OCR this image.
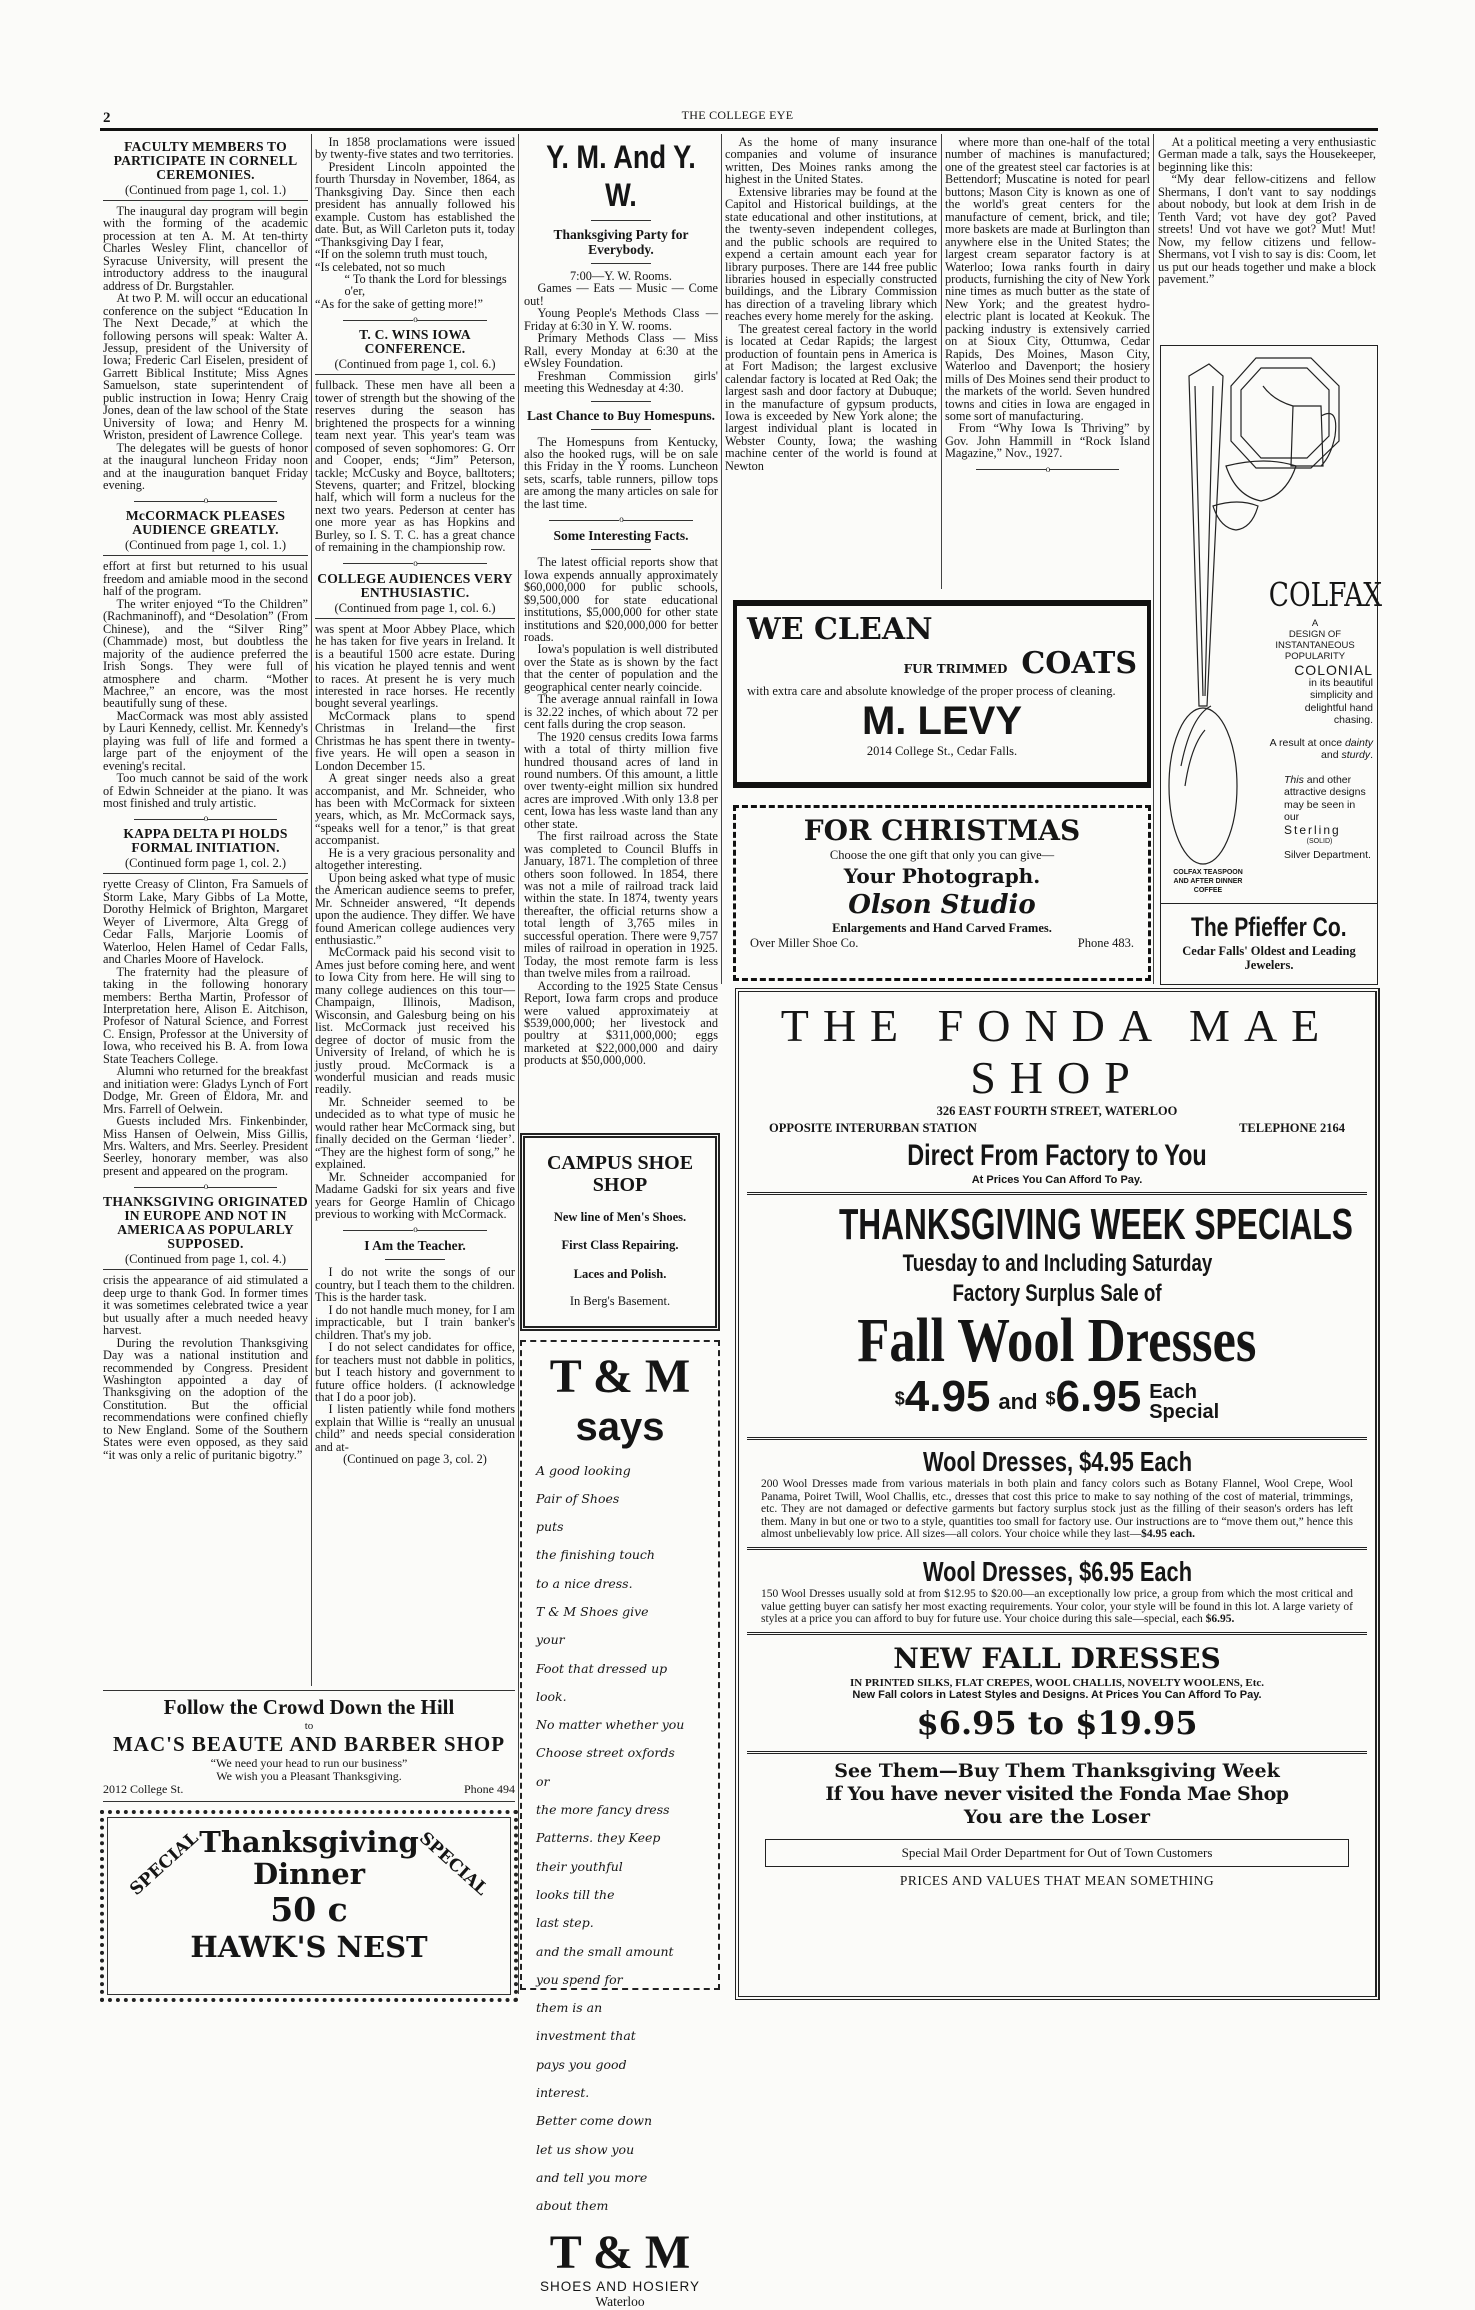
2	THE COLLEGE EYE
FACULTY MEMBERS TO PARTICIPATE IN CORNELL CEREMONIES.
(Continued from page 1, col. 1.)

The inaugural day program will begin with the forming of the academic procession at ten A. M. At ten-thirty Charles Wesley Flint, chancellor of Syracuse University, will present the introductory address to the inaugural address of Dr. Burgstahler.

At two P. M. will occur an educational conference on the subject “Education In The Next Decade,” at which the following persons will speak: Walter A. Jessup, president of the University of Iowa; Frederic Carl Eiselen, president of Garrett Biblical Institute; Miss Agnes Samuelson, state superintendent of public instruction in Iowa; Henry Craig Jones, dean of the law school of the State University of Iowa; and Henry M. Wriston, president of Lawrence College.

The delegates will be guests of honor at the inaugural luncheon Friday noon and at the inauguration banquet Friday evening.

o
McCORMACK PLEASES AUDIENCE GREATLY.
(Continued from page 1, col. 1.)

effort at first but returned to his usual freedom and amiable mood in the second half of the program.

The writer enjoyed “To the Children” (Rachmaninoff), and “Desolation” (From Chinese), and the “Silver Ring” (Chammade) most, but doubtless the majority of the audience preferred the Irish Songs. They were full of atmosphere and charm. “Mother Machree,” an encore, was the most beautifully sung of these.

MacCormack was most ably assisted by Lauri Kennedy, cellist. Mr. Kennedy's playing was full of life and formed a large part of the enjoyment of the evening's recital.

Too much cannot be said of the work of Edwin Schneider at the piano. It was most finished and truly artistic.

o
KAPPA DELTA PI HOLDS FORMAL INITIATION.
(Continued form page 1, col. 2.)

ryette Creasy of Clinton, Fra Samuels of Storm Lake, Mary Gibbs of La Motte, Dorothy Helmick of Brighton, Margaret Weyer of Livermore, Alta Gregg of Cedar Falls, Marjorie Loomis of Waterloo, Helen Hamel of Cedar Falls, and Charles Moore of Havelock.

The fraternity had the pleasure of taking in the following honorary members: Bertha Martin, Professor of Interpretation here, Alison E. Aitchison, Profesor of Natural Science, and Forrest C. Ensign, Professor at the University of Iowa, who received his B. A. from Iowa State Teachers College.

Alumni who returned for the breakfast and initiation were: Gladys Lynch of Fort Dodge, Mr. Green of Eldora, Mr. and Mrs. Farrell of Oelwein.

Guests included Mrs. Finkenbinder, Miss Hansen of Oelwein, Miss Gillis, Mrs. Walters, and Mrs. Seerley. President Seerley, honorary member, was also present and appeared on the program.

o
THANKSGIVING ORIGINATED IN EUROPE AND NOT IN AMERICA AS POPULARLY SUPPOSED.
(Continued from page 1, col. 4.)

crisis the appearance of aid stimulated a deep urge to thank God. In former times it was sometimes celebrated twice a year but usually after a much needed heavy harvest.

During the revolution Thanksgiving Day was a national institution and recommended by Congress. President Washington appointed a day of Thanksgiving on the adoption of the Constitution. But the official recommendations were confined chiefly to New England. Some of the Southern States were even opposed, as they said “it was only a relic of puritanic bigotry.”

In 1858 proclamations were issued by twenty-five states and two territories.

President Lincoln appointed the fourth Thursday in November, 1864, as Thanksgiving Day. Since then each president has annually followed his example. Custom has established the date. But, as Will Carleton puts it, today “Thanksgiving Day I fear,

“If on the solemn truth must touch,

“Is celebated, not so much

“ To thank the Lord for blessings o'er,

“As for the sake of getting more!”

o
T. C. WINS IOWA CONFERENCE.
(Continued from page 1, col. 6.)

fullback. These men have all been a tower of strength but the showing of the reserves during the season has brightened the prospects for a winning team next year. This year's team was composed of seven sophomores: G. Orr and Cooper, ends; “Jim” Peterson, tackle; McCusky and Boyce, balltoters; Stevens, quarter; and Fritzel, blocking half, which will form a nucleus for the next two years. Pederson at center has one more year as has Hopkins and Burley, so I. S. T. C. has a great chance of remaining in the championship row.

o
COLLEGE AUDIENCES VERY ENTHUSIASTIC.
(Continued from page 1, col. 6.)

was spent at Moor Abbey Place, which he has taken for five years in Ireland. It is a beautiful 1500 acre estate. During his vication he played tennis and went to races. At present he is very much interested in race horses. He recently bought several yearlings.

McCormack plans to spend Christmas in Ireland—the first Christmas he has spent there in twenty-five years. He will open a season in London December 15.

A great singer needs also a great accompanist, and Mr. Schneider, who has been with McCormack for sixteen years, which, as Mr. McCormack says, “speaks well for a tenor,” is that great accompanist.

He is a very gracious personality and altogether interesting.

Upon being asked what type of music the American audience seems to prefer, Mr. Schneider answered, “It depends upon the audience. They differ. We have found American college audiences very enthusiastic.”

McCormack paid his second visit to Ames just before coming here, and went to Iowa City from here. He will sing to many college audiences on this tour—Champaign, Illinois, Madison, Wisconsin, and Galesburg being on his list. McCormack just received his degree of doctor of music from the University of Ireland, of which he is justly proud. McCormack is a wonderful musician and reads music readily.

Mr. Schneider seemed to be undecided as to what type of music he would rather hear McCormack sing, but finally decided on the German ‘lieder’. “They are the highest form of song,” he explained.

Mr. Schneider accompanied for Madame Gadski for six years and five years for George Hamlin of Chicago previous to working with McCormack.

o
I Am the Teacher.

I do not write the songs of our country, but I teach them to the children. This is the harder task.

I do not handle much money, for I am impracticable, but I train banker's children. That's my job.

I do not select candidates for office, for teachers must not dabble in politics, but I teach history and government to future office holders. (I acknowledge that I do a poor job).

I listen patiently while fond mothers explain that Willie is “really an unusual child” and needs special consideration and at-

(Continued on page 3, col. 2)
Y. M. And Y. W.
Thanksgiving Party for Everybody.
7:00—Y. W. Rooms.

Games — Eats — Music — Come out!

Young People's Methods Class —Friday at 6:30 in Y. W. rooms.

Primary Methods Class — Miss Rall, every Monday at 6:30 at the eWsley Foundation.

Freshman Commission girls' meeting this Wednesday at 4:30.

Last Chance to Buy Homespuns.

The Homespuns from Kentucky, also the hooked rugs, will be on sale this Friday in the Y rooms. Luncheon sets, scarfs, table runners, pillow tops are among the many articles on sale for the last time.

o
Some Interesting Facts.

The latest official reports show that Iowa expends annually approximately $60,000,000 for public schools, $9,500,000 for state educational institutions, $5,000,000 for other state institutions and $20,000,000 for better roads.

Iowa's population is well distributed over the State as is shown by the fact that the center of population and the geographical center nearly coincide.

The average annual rainfall in Iowa is 32.22 inches, of which about 72 per cent falls during the crop season.

The 1920 census credits Iowa farms with a total of thirty million five hundred thousand acres of land in round numbers. Of this amount, a little over twenty-eight million six hundred acres are improved .With only 13.8 per cent, Iowa has less waste land than any other state.

The first railroad across the State was completed to Council Bluffs in January, 1871. The completion of three others soon followed. In 1854, there was not a mile of railroad track laid within the state. In 1874, twenty years thereafter, the official returns show a total length of 3,765 miles in successful operation. There were 9,757 miles of railroad in operation in 1925. Today, the most remote farm is less than twelve miles from a railroad.

According to the 1925 State Census Report, Iowa farm crops and produce were valued approximateiy at $539,000,000; her livestock and poultry at $311,000,000; eggs marketed at $22,000,000 and dairy products at $50,000,000.

As the home of many insurance companies and volume of insurance written, Des Moines ranks among the highest in the United States.

Extensive libraries may be found at the Capitol and Historical buildings, at the state educational and other institutions, at the twenty-seven independent colleges, and the public schools are required to expend a certain amount each year for library purposes. There are 144 free public libraries housed in especially constructed buildings, and the Library Commission has direction of a traveling library which reaches every home merely for the asking.

The greatest cereal factory in the world is located at Cedar Rapids; the largest production of fountain pens in America is at Fort Madison; the largest exclusive calendar factory is located at Red Oak; the largest sash and door factory at Dubuque; in the manufacture of gypsum products, Iowa is exceeded by New York alone; the largest individual plant is located in Webster County, Iowa; the washing machine center of the world is found at Newton

where more than one-half of the total number of machines is manufactured; one of the greatest steel car factories is at Bettendorf; Muscatine is noted for pearl buttons; Mason City is known as one of the world's great centers for the manufacture of cement, brick, and tile; more baskets are made at Burlington than anywhere else in the United States; the largest cream separator factory is at Waterloo; Iowa ranks fourth in dairy products, furnishing the city of New York nine times as much butter as the state of New York; and the greatest hydro-electric plant is located at Keokuk. The packing industry is extensively carried on at Sioux City, Ottumwa, Cedar Rapids, Des Moines, Mason City, Waterloo and Davenport; the hosiery mills of Des Moines send their product to the markets of the world. Seven hundred towns and cities in Iowa are engaged in some sort of manufacturing.

From “Why Iowa Is Thriving” by Gov. John Hammill in “Rock Island Magazine,” Nov., 1927.

o

At a political meeting a very enthusiastic German made a talk, says the Housekeeper, beginning like this:

“My dear fellow-citizens and fellow Shermans, I don't vant to say noddings about nobody, but look at dem Irish in de Tenth Vard; vot have dey got? Paved streets! Und vot have we got? Mut! Mut! Now, my fellow citizens und fellow-Shermans, vot I vish to say is dis: Coom, let us put our heads together und make a block pavement.”

Follow the Crowd Down the Hill
to
MAC'S BEAUTE AND BARBER SHOP
“We need your head to run our business”
We wish you a Pleasant Thanksgiving.
2012 College St.	Phone 494
SPECIAL	SPECIAL
Thanksgiving
Dinner
50 c
HAWK'S NEST
CAMPUS SHOE SHOP

New line of Men's Shoes.

First Class Repairing.

Laces and Polish.

In Berg's Basement.
T & M
says

A good looking

Pair of Shoes

puts

the finishing touch

to a nice dress.

T & M Shoes give

your

Foot that dressed up

look.

No matter whether you

Choose street oxfords

or

the more fancy dress

Patterns. they Keep

their youthful

looks till the

last step.

and the small amount

you spend for

them is an

investment that

pays you good

interest.

Better come down

let us show you

and tell you more

about them

T & M
SHOES AND HOSIERY
Waterloo
WE CLEAN
FUR TRIMMED COATS
with extra care and absolute knowledge of the proper process of cleaning.
M. LEVY
2014 College St., Cedar Falls.
FOR CHRISTMAS
Choose the one gift that only you can give—
Your Photograph.
Olson Studio
Enlargements and Hand Carved Frames.
Over Miller Shoe Co.	Phone 483.
COLFAX
A
DESIGN OF INSTANTANEOUS POPULARITY
COLONIAL
in its beautiful simplicity and delightful hand chasing.
A result at once dainty and sturdy.
This and other attractive designs may be seen in our
Sterling
(SOLID)
Silver Department.
COLFAX TEASPOON AND AFTER DINNER COFFEE
The Pfieffer Co.
Cedar Falls' Oldest and Leading Jewelers.
THE FONDA MAE SHOP
326 EAST FOURTH STREET, WATERLOO
OPPOSITE INTERURBAN STATION	TELEPHONE 2164
Direct From Factory to You
At Prices You Can Afford To Pay.
THANKSGIVING WEEK SPECIALS
Tuesday to and Including Saturday
Factory Surplus Sale of
Fall Wool Dresses
$4.95 and $6.95 Each
Special
Wool Dresses, $4.95 Each
200 Wool Dresses made from various materials in both plain and fancy colors such as Botany Flannel, Wool Crepe, Wool Panama, Poiret Twill, Wool Challis, etc., dresses that cost this price to make to say nothing of the cost of material, trimmings, etc. They are not damaged or defective garments but factory surplus stock just as the filling of their season's orders has left them. Many in but one or two to a style, quantities too small for factory use. Our instructions are to “move them out,” hence this almost unbelievably low price. All sizes—all colors. Your choice while they last—$4.95 each.
Wool Dresses, $6.95 Each
150 Wool Dresses usually sold at from $12.95 to $20.00—an exceptionally low price, a group from which the most critical and value getting buyer can satisfy her most exacting requirements. Your color, your style will be found in this lot. A large variety of styles at a price you can afford to buy for future use. Your choice during this sale—special, each $6.95.
NEW FALL DRESSES
IN PRINTED SILKS, FLAT CREPES, WOOL CHALLIS, NOVELTY WOOLENS, Etc.
New Fall colors in Latest Styles and Designs. At Prices You Can Afford To Pay.
$6.95 to $19.95
See Them—Buy Them Thanksgiving Week
If You have never visited the Fonda Mae Shop
You are the Loser
Special Mail Order Department for Out of Town Customers
PRICES AND VALUES THAT MEAN SOMETHING
